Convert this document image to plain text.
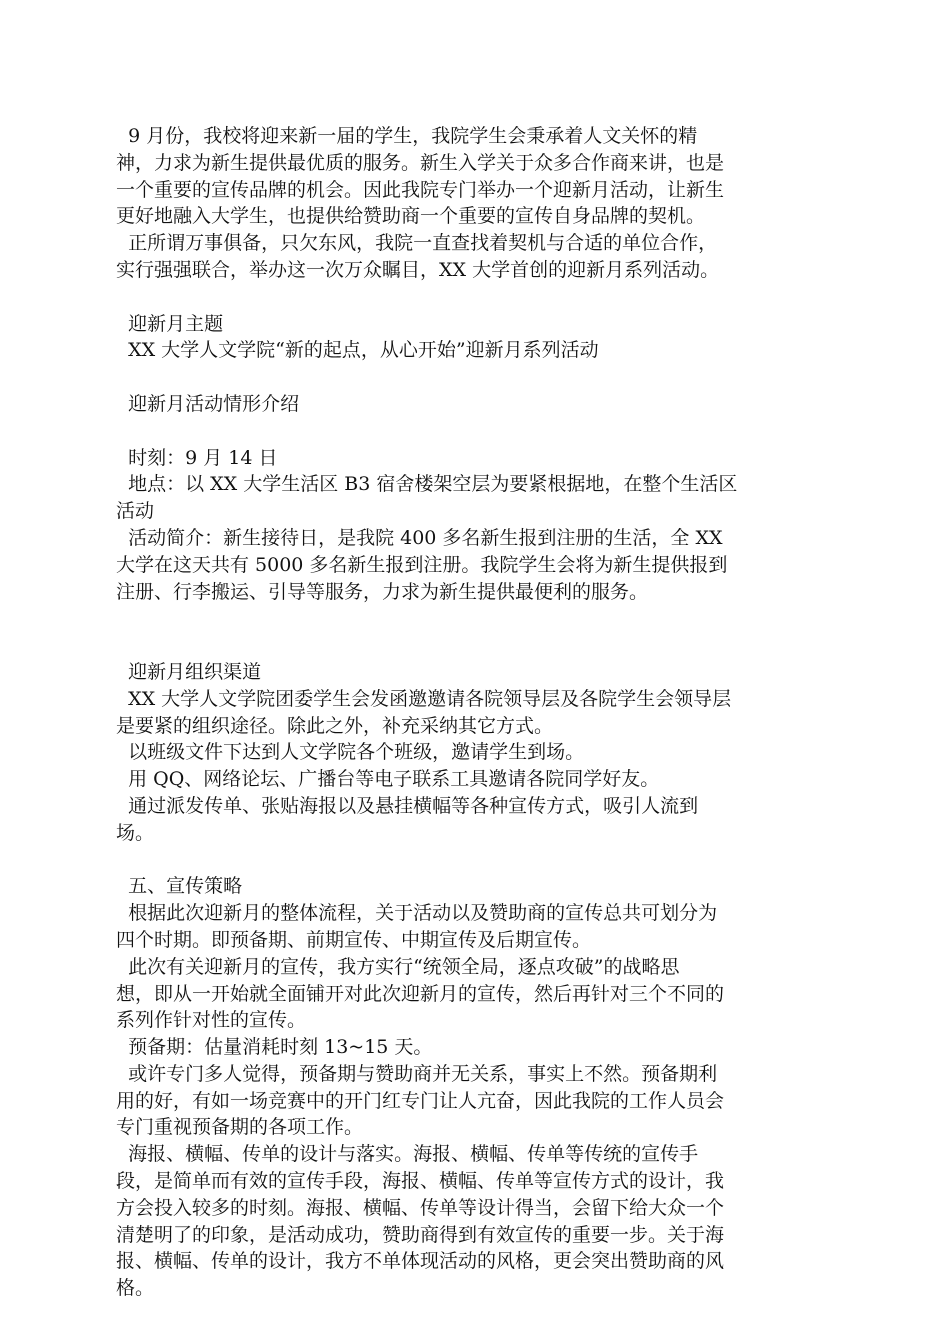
9 月份，我校将迎来新一届的学生，我院学生会秉承着人文关怀的精
神，力求为新生提供最优质的服务。新生入学关于众多合作商来讲，也是
一个重要的宣传品牌的机会。因此我院专门举办一个迎新月活动，让新生
更好地融入大学生，也提供给赞助商一个重要的宣传自身品牌的契机。
正所谓万事俱备，只欠东风，我院一直查找着契机与合适的单位合作，
实行强强联合，举办这一次万众瞩目，XX 大学首创的迎新月系列活动。
迎新月主题
XX 大学人文学院“新的起点，从心开始”迎新月系列活动
迎新月活动情形介绍
时刻：9 月 14 日
地点：以 XX 大学生活区 B3 宿舍楼架空层为要紧根据地，在整个生活区
活动
活动简介：新生接待日，是我院 400 多名新生报到注册的生活，全 XX
大学在这天共有 5000 多名新生报到注册。我院学生会将为新生提供报到
注册、行李搬运、引导等服务，力求为新生提供最便利的服务。
迎新月组织渠道
XX 大学人文学院团委学生会发函邀邀请各院领导层及各院学生会领导层
是要紧的组织途径。除此之外，补充采纳其它方式。
以班级文件下达到人文学院各个班级，邀请学生到场。
用 QQ、网络论坛、广播台等电子联系工具邀请各院同学好友。
通过派发传单、张贴海报以及悬挂横幅等各种宣传方式，吸引人流到
场。
五、宣传策略
根据此次迎新月的整体流程，关于活动以及赞助商的宣传总共可划分为
四个时期。即预备期、前期宣传、中期宣传及后期宣传。
此次有关迎新月的宣传，我方实行“统领全局，逐点攻破”的战略思
想，即从一开始就全面铺开对此次迎新月的宣传，然后再针对三个不同的
系列作针对性的宣传。
预备期：估量消耗时刻 13~15 天。
或许专门多人觉得，预备期与赞助商并无关系，事实上不然。预备期利
用的好，有如一场竞赛中的开门红专门让人亢奋，因此我院的工作人员会
专门重视预备期的各项工作。
海报、横幅、传单的设计与落实。海报、横幅、传单等传统的宣传手
段，是简单而有效的宣传手段，海报、横幅、传单等宣传方式的设计，我
方会投入较多的时刻。海报、横幅、传单等设计得当，会留下给大众一个
清楚明了的印象，是活动成功，赞助商得到有效宣传的重要一步。关于海
报、横幅、传单的设计，我方不单体现活动的风格，更会突出赞助商的风
格。
